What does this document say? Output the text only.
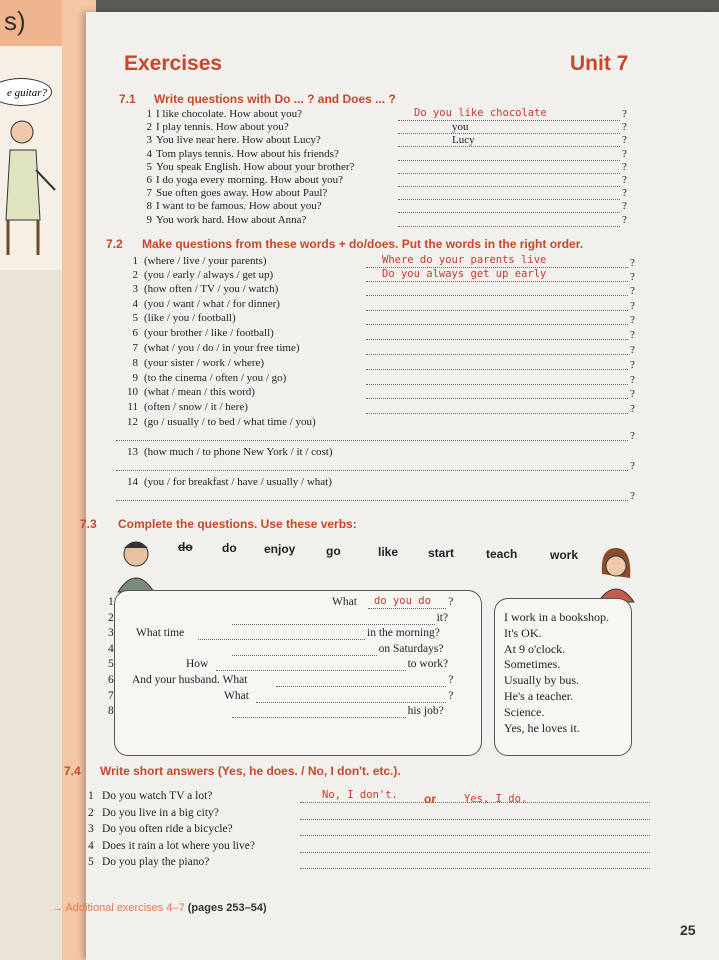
s)
e guitar?
Exercises	Unit 7
7.1 Write questions with Do ... ? and Does ... ?
1 I like chocolate. How about you?	Do you like chocolate	?
2 I play tennis. How about you?	you	?
3 You live near here. How about Lucy?	Lucy	?
4 Tom plays tennis. How about his friends?	?
5 You speak English. How about your brother?	?
6 I do yoga every morning. How about you?	?
7 Sue often goes away. How about Paul?	?
8 I want to be famous. How about you?	?
9 You work hard. How about Anna?	?
7.2 Make questions from these words + do/does. Put the words in the right order.
1 (where / live / your parents)	?
Where do your parents live
2 (you / early / always / get up)	?
Do you always get up early
3 (how often / TV / you / watch)	?
4 (you / want / what / for dinner)	?
5 (like / you / football)	?
6 (your brother / like / football)	?
7 (what / you / do / in your free time)	?
8 (your sister / work / where)	?
9 (to the cinema / often / you / go)	?
10 (what / mean / this word)	?
11 (often / snow / it / here)	?
12 (go / usually / to bed / what time / you)
?
13 (how much / to phone New York / it / cost)
?
14 (you / for breakfast / have / usually / what)
?
7.3 Complete the questions. Use these verbs:
do do enjoy	go	like start	teach	work
1	What	?
do you do
2	it?
3 What time	in the morning?
4	on Saturdays?
5	How	to work?
6 And your husband. What	?
7	What	?
8	his job?
I work in a bookshop.
It's OK.
At 9 o'clock.
Sometimes.
Usually by bus.
He's a teacher.
Science.
Yes, he loves it.
7.4 Write short answers (Yes, he does. / No, I don't. etc.).
1 Do you watch TV a lot?	No, I don't. or	Yes, I do.
2 Do you live in a big city?
3 Do you often ride a bicycle?
4 Does it rain a lot where you live?
5 Do you play the piano?
→ Additional exercises 4–7 (pages 253–54)
25
